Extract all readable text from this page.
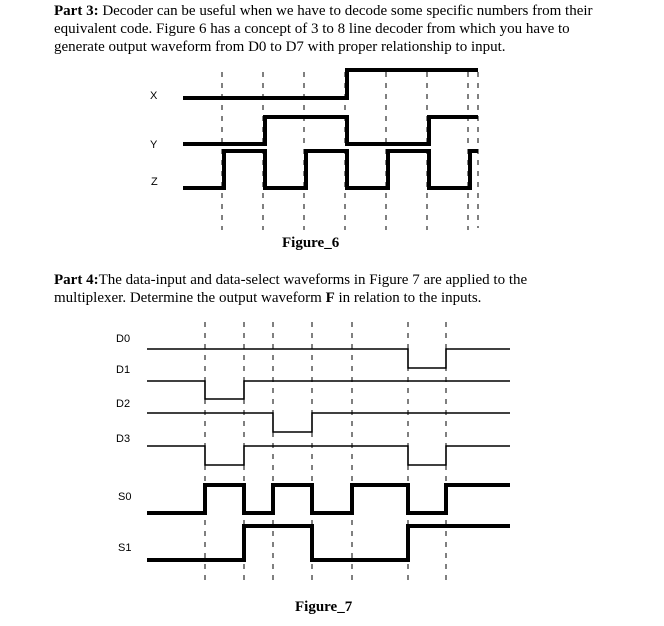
Part 3: Decoder can be useful when we have to decode some specific numbers from their
equivalent code. Figure 6 has a concept of 3 to 8 line decoder from which you have to
generate output waveform from D0 to D7 with proper relationship to input.

X
Y
Z
Figure_6

Part 4:The data-input and data-select waveforms in Figure 7 are applied to the
multiplexer. Determine the output waveform F in relation to the inputs.

D0
D1
D2
D3
S0
S1
Figure_7
